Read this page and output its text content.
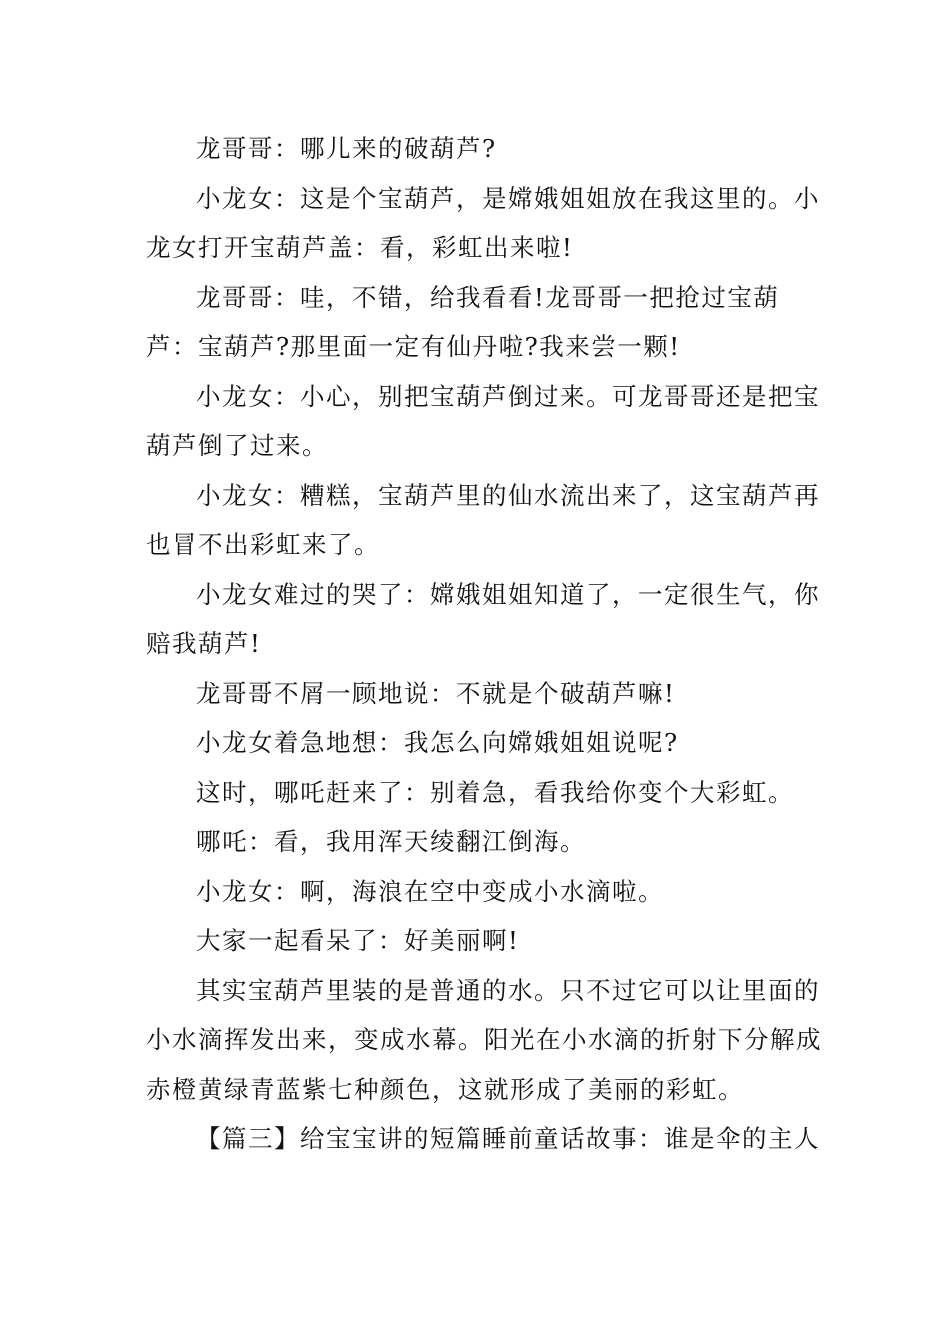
龙哥哥：哪儿来的破葫芦?

小龙女：这是个宝葫芦，是嫦娥姐姐放在我这里的。小龙女打开宝葫芦盖：看，彩虹出来啦!

龙哥哥：哇，不错，给我看看!龙哥哥一把抢过宝葫芦：宝葫芦?那里面一定有仙丹啦?我来尝一颗!

小龙女：小心，别把宝葫芦倒过来。可龙哥哥还是把宝葫芦倒了过来。

小龙女：糟糕，宝葫芦里的仙水流出来了，这宝葫芦再也冒不出彩虹来了。

小龙女难过的哭了：嫦娥姐姐知道了，一定很生气，你赔我葫芦!

龙哥哥不屑一顾地说：不就是个破葫芦嘛!

小龙女着急地想：我怎么向嫦娥姐姐说呢?

这时，哪吒赶来了：别着急，看我给你变个大彩虹。

哪吒：看，我用浑天绫翻江倒海。

小龙女：啊，海浪在空中变成小水滴啦。

大家一起看呆了：好美丽啊!

其实宝葫芦里装的是普通的水。只不过它可以让里面的小水滴挥发出来，变成水幕。阳光在小水滴的折射下分解成赤橙黄绿青蓝紫七种颜色，这就形成了美丽的彩虹。

【篇三】给宝宝讲的短篇睡前童话故事：谁是伞的主人
